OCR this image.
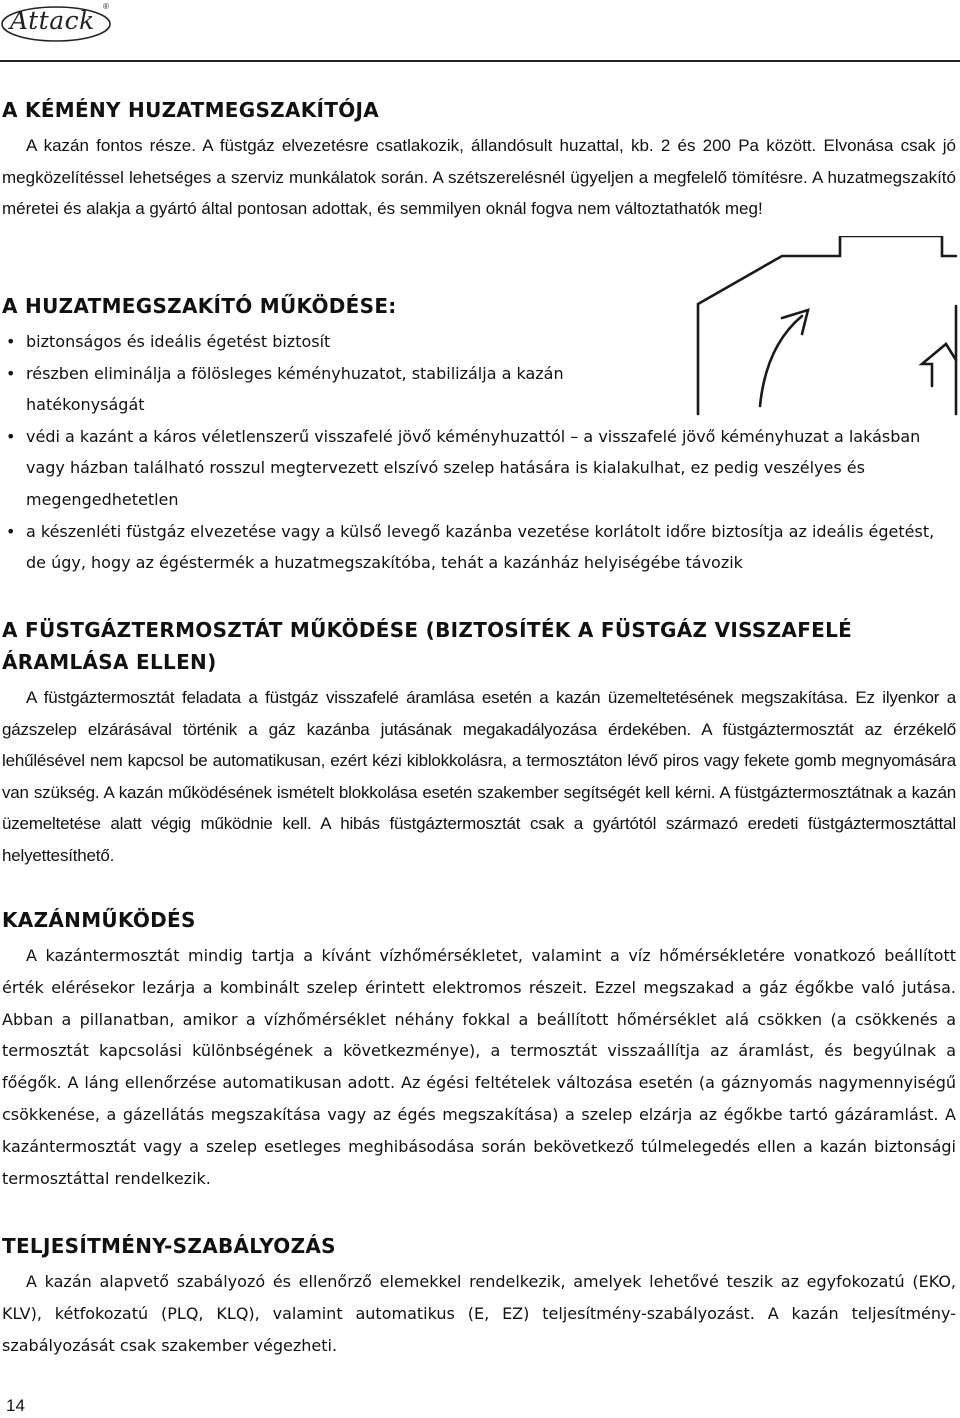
Attack ®
A KÉMÉNY HUZATMEGSZAKÍTÓJA

A kazán fontos része. A füstgáz elvezetésre csatlakozik, állandósult huzattal, kb. 2 és 200 Pa között. Elvonása csak jó megközelítéssel lehetséges a szerviz munkálatok során. A szétszerelésnél ügyeljen a megfelelő tömítésre. A huzatmegszakító méretei és alakja a gyártó által pontosan adottak, és semmilyen oknál fogva nem változtathatók meg!

A HUZATMEGSZAKÍTÓ MŰKÖDÉSE:
• biztonságos és ideális égetést biztosít
• részben eliminálja a fölösleges kéményhuzatot, stabilizálja a kazán hatékonyságát
• védi a kazánt a káros véletlenszerű visszafelé jövő kéményhuzattól – a visszafelé jövő kéményhuzat a lakásban vagy házban található rosszul megtervezett elszívó szelep hatására is kialakulhat, ez pedig veszélyes és megengedhetetlen
• a készenléti füstgáz elvezetése vagy a külső levegő kazánba vezetése korlátolt időre biztosítja az ideális égetést, de úgy, hogy az égéstermék a huzatmegszakítóba, tehát a kazánház helyiségébe távozik
A FÜSTGÁZTERMOSZTÁT MŰKÖDÉSE (BIZTOSÍTÉK A FÜSTGÁZ VISSZAFELÉ ÁRAMLÁSA ELLEN)

A füstgáztermosztát feladata a füstgáz visszafelé áramlása esetén a kazán üzemeltetésének megszakítása. Ez ilyenkor a gázszelep elzárásával történik a gáz kazánba jutásának megakadályozása érdekében. A füstgáztermosztát az érzékelő lehűlésével nem kapcsol be automatikusan, ezért kézi kiblokkolásra, a termosztáton lévő piros vagy fekete gomb megnyomására van szükség. A kazán működésének ismételt blokkolása esetén szakember segítségét kell kérni. A füstgáztermosztátnak a kazán üzemeltetése alatt végig működnie kell. A hibás füstgáztermosztát csak a gyártótól származó eredeti füstgáztermosztáttal helyettesíthető.

KAZÁNMŰKÖDÉS

A kazántermosztát mindig tartja a kívánt vízhőmérsékletet, valamint a víz hőmérsékletére vonatkozó beállított érték elérésekor lezárja a kombinált szelep érintett elektromos részeit. Ezzel megszakad a gáz égőkbe való jutása. Abban a pillanatban, amikor a vízhőmérséklet néhány fokkal a beállított hőmérséklet alá csökken (a csökkenés a termosztát kapcsolási különbségének a következménye), a termosztát visszaállítja az áramlást, és begyúlnak a főégők. A láng ellenőrzése automatikusan adott. Az égési feltételek változása esetén (a gáznyomás nagymennyiségű csökkenése, a gázellátás megszakítása vagy az égés megszakítása) a szelep elzárja az égőkbe tartó gázáramlást. A kazántermosztát vagy a szelep esetleges meghibásodása során bekövetkező túlmelegedés ellen a kazán biztonsági termosztáttal rendelkezik.

TELJESÍTMÉNY-SZABÁLYOZÁS

A kazán alapvető szabályozó és ellenőrző elemekkel rendelkezik, amelyek lehetővé teszik az egyfokozatú (EKO, KLV), kétfokozatú (PLQ, KLQ), valamint automatikus (E, EZ) teljesítmény-szabályozást. A kazán teljesítmény-szabályozását csak szakember végezheti.

14
